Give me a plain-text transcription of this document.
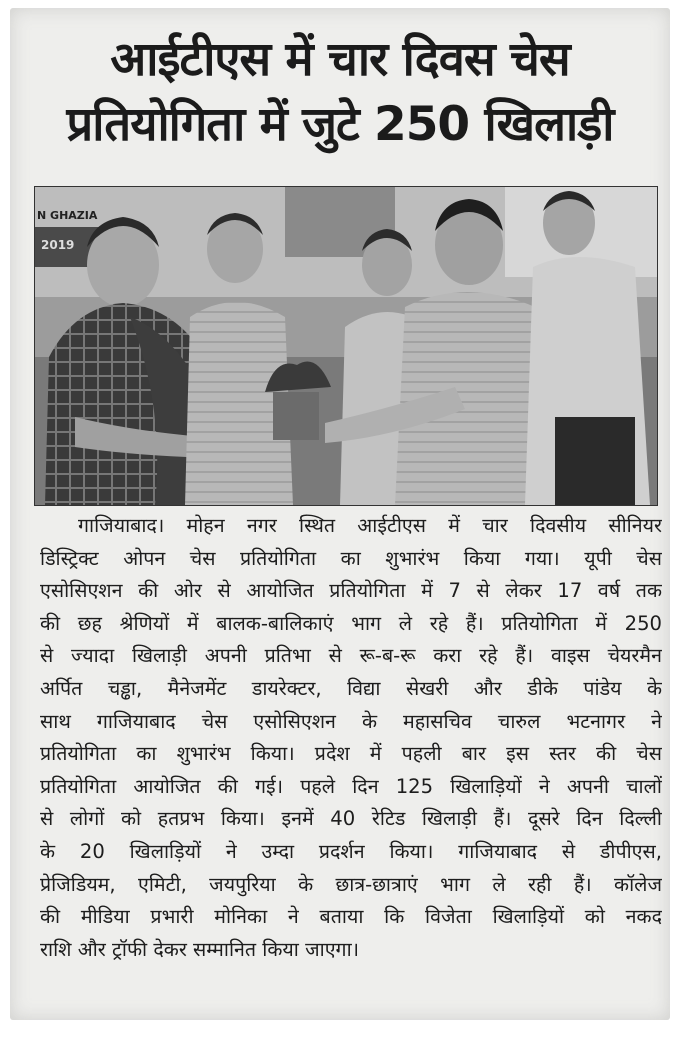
आईटीएस में चार दिवस चेस
प्रतियोगिता में जुटे 250 खिलाड़ी
N GHAZIA
2019
गाजियाबाद। मोहन नगर स्थित आईटीएस में चार दिवसीय सीनियर
डिस्ट्रिक्ट ओपन चेस प्रतियोगिता का शुभारंभ किया गया। यूपी चेस
एसोसिएशन की ओर से आयोजित प्रतियोगिता में 7 से लेकर 17 वर्ष तक
की छह श्रेणियों में बालक-बालिकाएं भाग ले रहे हैं। प्रतियोगिता में 250
से ज्यादा खिलाड़ी अपनी प्रतिभा से रू-ब-रू करा रहे हैं। वाइस चेयरमैन
अर्पित चड्ढा, मैनेजमेंट डायरेक्टर, विद्या सेखरी और डीके पांडेय के
साथ गाजियाबाद चेस एसोसिएशन के महासचिव चारुल भटनागर ने
प्रतियोगिता का शुभारंभ किया। प्रदेश में पहली बार इस स्तर की चेस
प्रतियोगिता आयोजित की गई। पहले दिन 125 खिलाड़ियों ने अपनी चालों
से लोगों को हतप्रभ किया। इनमें 40 रेटिड खिलाड़ी हैं। दूसरे दिन दिल्ली
के 20 खिलाड़ियों ने उम्दा प्रदर्शन किया। गाजियाबाद से डीपीएस,
प्रेजिडियम, एमिटी, जयपुरिया के छात्र-छात्राएं भाग ले रही हैं। कॉलेज
की मीडिया प्रभारी मोनिका ने बताया कि विजेता खिलाड़ियों को नकद
राशि और ट्रॉफी देकर सम्मानित किया जाएगा।
